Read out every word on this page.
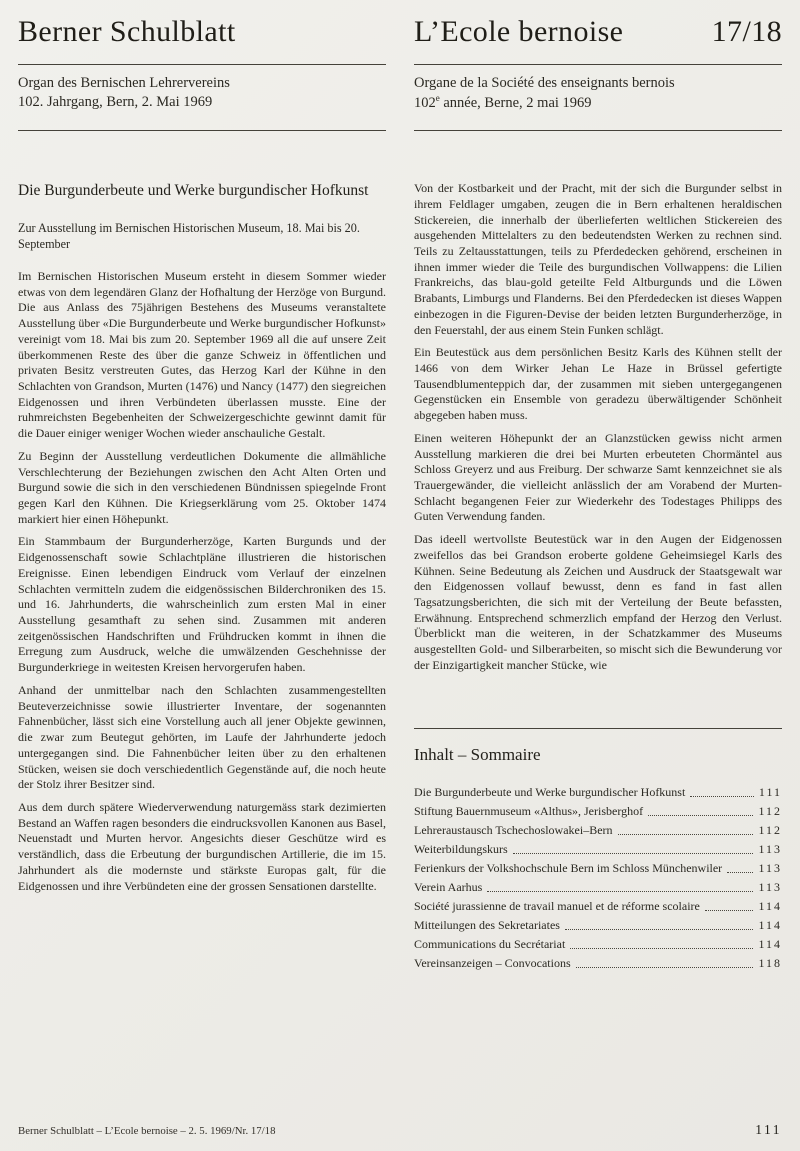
Berner Schulblatt	L’Ecole bernoise	17/18
Organ des Bernischen Lehrervereins
102. Jahrgang, Bern, 2. Mai 1969
Organe de la Société des enseignants bernois
102e année, Berne, 2 mai 1969
Die Burgunderbeute und Werke burgundischer Hofkunst

Zur Ausstellung im Bernischen Historischen Museum, 18. Mai bis 20. September

Im Bernischen Historischen Museum ersteht in diesem Sommer wieder etwas von dem legendären Glanz der Hofhaltung der Herzöge von Burgund. Die aus Anlass des 75jährigen Bestehens des Museums veranstaltete Ausstellung über «Die Burgunderbeute und Werke burgundischer Hofkunst» vereinigt vom 18. Mai bis zum 20. September 1969 all die auf unsere Zeit überkommenen Reste des über die ganze Schweiz in öffentlichen und privaten Besitz verstreuten Gutes, das Herzog Karl der Kühne in den Schlachten von Grandson, Murten (1476) und Nancy (1477) den siegreichen Eidgenossen und ihren Verbündeten überlassen musste. Eine der ruhmreichsten Begebenheiten der Schweizergeschichte gewinnt damit für die Dauer einiger weniger Wochen wieder anschauliche Gestalt.

Zu Beginn der Ausstellung verdeutlichen Dokumente die allmähliche Verschlechterung der Beziehungen zwischen den Acht Alten Orten und Burgund sowie die sich in den verschiedenen Bündnissen spiegelnde Front gegen Karl den Kühnen. Die Kriegserklärung vom 25. Oktober 1474 markiert hier einen Höhepunkt.

Ein Stammbaum der Burgunderherzöge, Karten Burgunds und der Eidgenossenschaft sowie Schlachtpläne illustrieren die historischen Ereignisse. Einen lebendigen Eindruck vom Verlauf der einzelnen Schlachten vermitteln zudem die eidgenössischen Bilderchroniken des 15. und 16. Jahrhunderts, die wahrscheinlich zum ersten Mal in einer Ausstellung gesamthaft zu sehen sind. Zusammen mit anderen zeitgenössischen Handschriften und Frühdrucken kommt in ihnen die Erregung zum Ausdruck, welche die umwälzenden Geschehnisse der Burgunderkriege in weitesten Kreisen hervorgerufen haben.

Anhand der unmittelbar nach den Schlachten zusammengestellten Beuteverzeichnisse sowie illustrierter Inventare, der sogenannten Fahnenbücher, lässt sich eine Vorstellung auch all jener Objekte gewinnen, die zwar zum Beutegut gehörten, im Laufe der Jahrhunderte jedoch untergegangen sind. Die Fahnenbücher leiten über zu den erhaltenen Stücken, weisen sie doch verschiedentlich Gegenstände auf, die noch heute der Stolz ihrer Besitzer sind.

Aus dem durch spätere Wiederverwendung naturgemäss stark dezimierten Bestand an Waffen ragen besonders die eindrucksvollen Kanonen aus Basel, Neuenstadt und Murten hervor. Angesichts dieser Geschütze wird es verständlich, dass die Erbeutung der burgundischen Artillerie, die im 15. Jahrhundert als die modernste und stärkste Europas galt, für die Eidgenossen und ihre Verbündeten eine der grossen Sensationen darstellte.

Von der Kostbarkeit und der Pracht, mit der sich die Burgunder selbst in ihrem Feldlager umgaben, zeugen die in Bern erhaltenen heraldischen Stickereien, die innerhalb der überlieferten weltlichen Stickereien des ausgehenden Mittelalters zu den bedeutendsten Werken zu rechnen sind. Teils zu Zeltausstattungen, teils zu Pferdedecken gehörend, erscheinen in ihnen immer wieder die Teile des burgundischen Vollwappens: die Lilien Frankreichs, das blau-gold geteilte Feld Altburgunds und die Löwen Brabants, Limburgs und Flanderns. Bei den Pferdedecken ist dieses Wappen einbezogen in die Figuren-Devise der beiden letzten Burgunderherzöge, in den Feuerstahl, der aus einem Stein Funken schlägt.

Ein Beutestück aus dem persönlichen Besitz Karls des Kühnen stellt der 1466 von dem Wirker Jehan Le Haze in Brüssel gefertigte Tausendblumenteppich dar, der zusammen mit sieben untergegangenen Gegenstücken ein Ensemble von geradezu überwältigender Schönheit abgegeben haben muss.

Einen weiteren Höhepunkt der an Glanzstücken gewiss nicht armen Ausstellung markieren die drei bei Murten erbeuteten Chormäntel aus Schloss Greyerz und aus Freiburg. Der schwarze Samt kennzeichnet sie als Trauergewänder, die vielleicht anlässlich der am Vorabend der Murten-Schlacht begangenen Feier zur Wiederkehr des Todestages Philipps des Guten Verwendung fanden.

Das ideell wertvollste Beutestück war in den Augen der Eidgenossen zweifellos das bei Grandson eroberte goldene Geheimsiegel Karls des Kühnen. Seine Bedeutung als Zeichen und Ausdruck der Staatsgewalt war den Eidgenossen vollauf bewusst, denn es fand in fast allen Tagsatzungsberichten, die sich mit der Verteilung der Beute befassten, Erwähnung. Entsprechend schmerzlich empfand der Herzog den Verlust. Überblickt man die weiteren, in der Schatzkammer des Museums ausgestellten Gold- und Silberarbeiten, so mischt sich die Bewunderung vor der Einzigartigkeit mancher Stücke, wie

Inhalt – Sommaire
Die Burgunderbeute und Werke burgundischer Hofkunst	111
Stiftung Bauernmuseum «Althus», Jerisberghof	112
Lehreraustausch Tschechoslowakei–Bern	112
Weiterbildungskurs	113
Ferienkurs der Volkshochschule Bern im Schloss Münchenwiler	113
Verein Aarhus	113
Société jurassienne de travail manuel et de réforme scolaire	114
Mitteilungen des Sekretariates	114
Communications du Secrétariat	114
Vereinsanzeigen – Convocations	118
Berner Schulblatt – L’Ecole bernoise – 2. 5. 1969/Nr. 17/18	111
